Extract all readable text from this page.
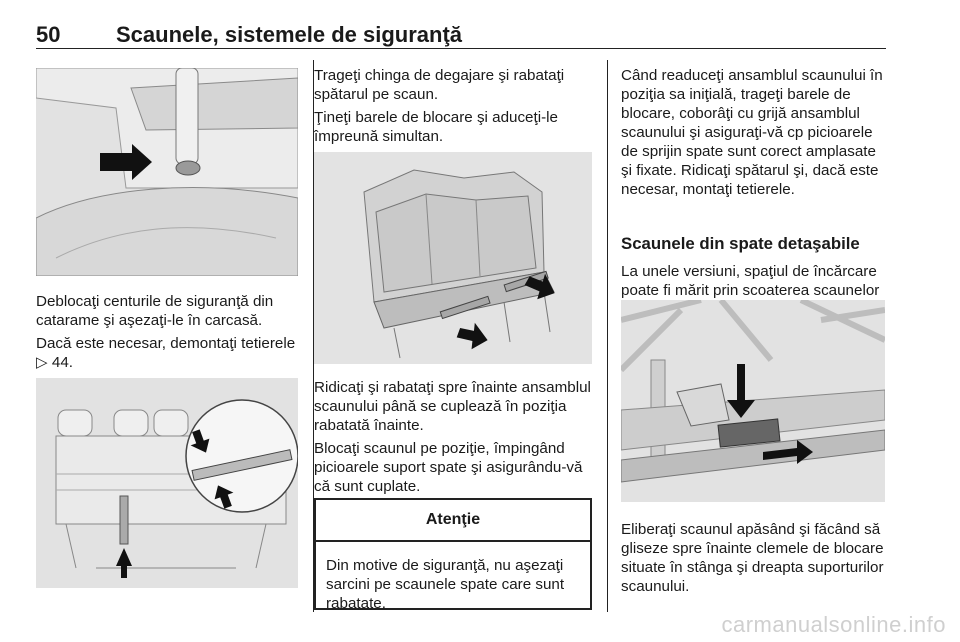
50	Scaunele, sistemele de siguranţă

Deblocaţi centurile de siguranţă din catarame şi aşezaţi-le în carcasă.

Dacă este necesar, demontaţi tetierele ▷ 44.

Trageţi chinga de degajare şi rabataţi spătarul pe scaun.

Ţineţi barele de blocare şi aduceţi-le împreună simultan.

Ridicaţi şi rabataţi spre înainte ansamblul scaunului până se cuplează în poziţia rabatată înainte.

Blocaţi scaunul pe poziţie, împingând picioarele suport spate şi asigurându-vă că sunt cuplate.

Atenţie
Din motive de siguranţă, nu aşezaţi sarcini pe scaunele spate care sunt rabatate.

Când readuceţi ansamblul scaunului în poziţia sa iniţială, trageţi barele de blocare, coborâţi cu grijă ansamblul scaunului şi asiguraţi-vă cp picioarele de sprijin spate sunt corect amplasate şi fixate. Ridicaţi spătarul şi, dacă este necesar, montaţi tetierele.

Scaunele din spate detaşabile

La unele versiuni, spaţiul de încărcare poate fi mărit prin scoaterea scaunelor

Eliberaţi scaunul apăsând şi făcând să gliseze spre înainte clemele de blocare situate în stânga şi dreapta suporturilor scaunului.

carmanualsonline.info
